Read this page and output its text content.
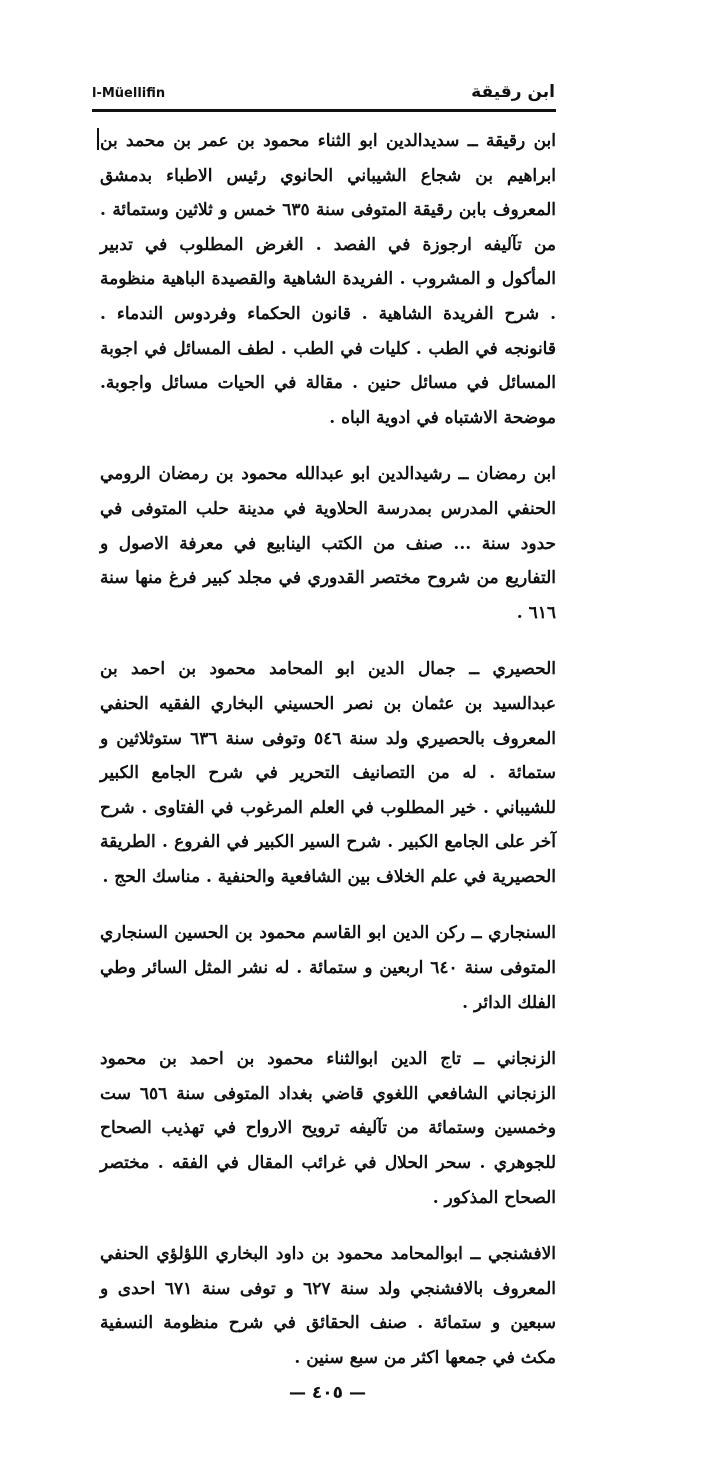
l-Müellifin	ابن رقيقة

ابن رقيقة ــ سديدالدين ابو الثناء محمود بن عمر بن محمد بن ابراهيم بن شجاع الشيباني الحانوي رئيس الاطباء بدمشق المعروف بابن رقيقة المتوفى سنة ٦٣٥ خمس و ثلاثين وستمائة . من تآليفه ارجوزة في الفصد . الغرض المطلوب في تدبير المأكول و المشروب . الفريدة الشاهية والقصيدة الباهية منظومة . شرح الفريدة الشاهية . قانون الحكماء وفردوس الندماء . قانونجه في الطب . كليات في الطب . لطف المسائل في اجوبة المسائل في مسائل حنين . مقالة في الحيات مسائل واجوبة. موضحة الاشتباه في ادوية الباه .

ابن رمضان ــ رشيدالدين ابو عبدالله محمود بن رمضان الرومي الحنفي المدرس بمدرسة الحلاوية في مدينة حلب المتوفى في حدود سنة ... صنف من الكتب الينابيع في معرفة الاصول و التفاريع من شروح مختصر القدوري في مجلد كبير فرغ منها سنة ٦١٦ .

الحصيري ــ جمال الدين ابو المحامد محمود بن احمد بن عبدالسيد بن عثمان بن نصر الحسيني البخاري الفقيه الحنفي المعروف بالحصيري ولد سنة ٥٤٦ وتوفى سنة ٦٣٦ ستوثلاثين و ستمائة . له من التصانيف التحرير في شرح الجامع الكبير للشيباني . خير المطلوب في العلم المرغوب في الفتاوى . شرح آخر على الجامع الكبير . شرح السير الكبير في الفروع . الطريقة الحصيرية في علم الخلاف بين الشافعية والحنفية . مناسك الحج .

السنجاري ــ ركن الدين ابو القاسم محمود بن الحسين السنجاري المتوفى سنة ٦٤٠ اربعين و ستمائة . له نشر المثل السائر وطي الفلك الدائر .

الزنجاني ــ تاج الدين ابوالثناء محمود بن احمد بن محمود الزنجاني الشافعي اللغوي قاضي بغداد المتوفى سنة ٦٥٦ ست وخمسين وستمائة من تآليفه ترويح الارواح في تهذيب الصحاح للجوهري . سحر الحلال في غرائب المقال في الفقه . مختصر الصحاح المذكور .

الافشنجي ــ ابوالمحامد محمود بن داود البخاري اللؤلؤي الحنفي المعروف بالافشنجي ولد سنة ٦٢٧ و توفى سنة ٦٧١ احدى و سبعين و ستمائة . صنف الحقائق في شرح منظومة النسفية مكث في جمعها اكثر من سبع سنين .

— ٤٠٥ —
